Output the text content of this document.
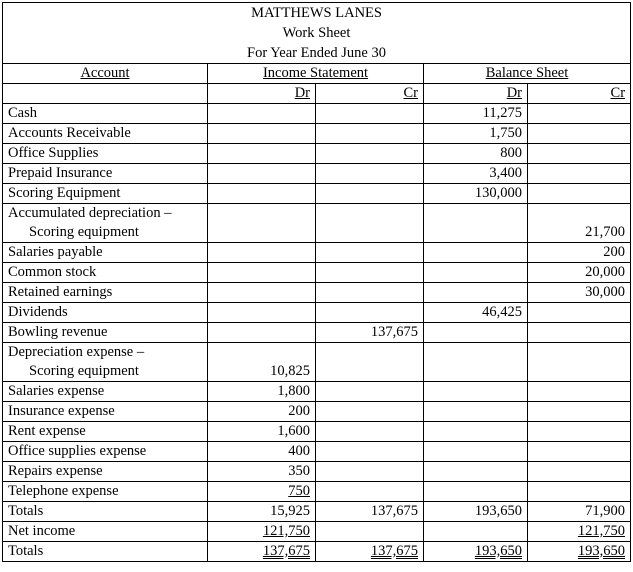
MATTHEWS LANES				
Work Sheet				
For Year Ended June 30				
Account	Income Statement		Balance Sheet	
	Dr	Cr	Dr	Cr
Cash			11,275	
Accounts Receivable			1,750	
Office Supplies			800	
Prepaid Insurance			3,400	
Scoring Equipment			130,000	
Accumulated depreciation –				
Scoring equipment				21,700
Salaries payable				200
Common stock				20,000
Retained earnings				30,000
Dividends			46,425	
Bowling revenue		137,675		
Depreciation expense –				
Scoring equipment	10,825			
Salaries expense	1,800			
Insurance expense	200			
Rent expense	1,600			
Office supplies expense	400			
Repairs expense	350			
Telephone expense	750			
Totals	15,925	137,675	193,650	71,900
Net income	121,750			121,750
Totals	137,675	137,675	193,650	193,650
